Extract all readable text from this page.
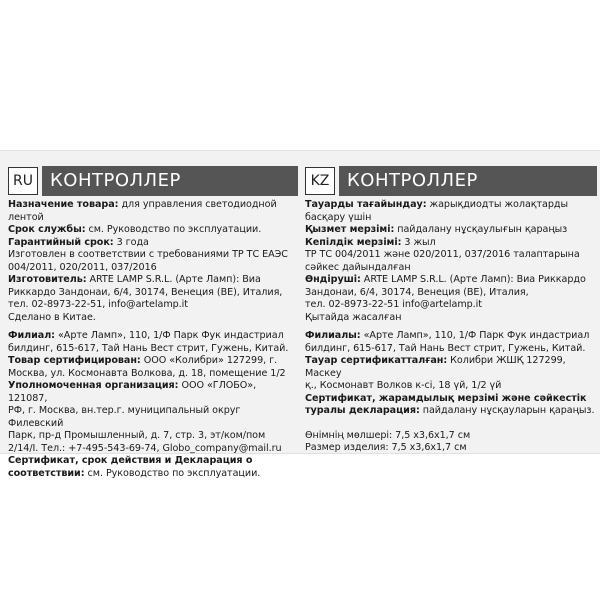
RU КОНТРОЛЛЕР

Назначение товара: для управления светодиодной лентой

Срок службы: см. Руководство по эксплуатации.

Гарантийный срок: 3 года

Изготовлен в соответствии с требованиями ТР ТС ЕАЭС

004/2011, 020/2011, 037/2016

Изготовитель: ARTE LAMP S.R.L. (Арте Ламп): Виа

Риккардо Зандонаи, 6/4, 30174, Венеция (BE), Италия,

тел. 02-8973-22-51, info@artelamp.it

Сделано в Китае.

Филиал: «Арте Ламп», 110, 1/Ф Парк Фук индастриал

билдинг, 615-617, Тай Нань Вест стрит, Гужень, Китай.

Товар сертифицирован: ООО «Колибри» 127299, г.

Москва, ул. Космонавта Волкова, д. 18, помещение 1/2

Уполномоченная организация: ООО «ГЛОБО», 121087,

РФ, г. Москва, вн.тер.г. муниципальный округ Филевский

Парк, пр-д Промышленный, д. 7, стр. 3, эт/ком/пом

2/14/I. Тел.: +7-495-543-69-74, Globo_company@mail.ru

Сертификат, срок действия и Декларация о

соответствии: см. Руководство по эксплуатации.

KZ КОНТРОЛЛЕР

Тауарды тағайындау: жарықдиодты жолақтарды

басқару үшін

Қызмет мерзімі: пайдалану нұсқаулығын қараңыз

Кепілдік мерзімі: 3 жыл

ТР ТС 004/2011 және 020/2011, 037/2016 талаптарына

сәйкес дайындалған

Өндіруші: ARTE LAMP S.R.L. (Арте Ламп): Виа Риккардо

Зандонаи, 6/4, 30174, Венеция (BE), Италия,

тел. 02-8973-22-51 info@artelamp.it

Қытайда жасалған

Филиалы: «Арте Ламп», 110, 1/Ф Парк Фук индастриал

билдинг, 615-617, Тай Нань Вест стрит, Гужень, Китай.

Тауар сертификатталған: Колибри ЖШҚ 127299, Маскеу

қ., Космонавт Волков к-сі, 18 үй, 1/2 үй

Сертификат, жарамдылық мерзімі және сәйкестік

туралы декларация: пайдалану нұсқауларын қараңыз.

Өнімнің мөлшері: 7,5 x3,6x1,7 см

Размер изделия: 7,5 х3,6х1,7 см
